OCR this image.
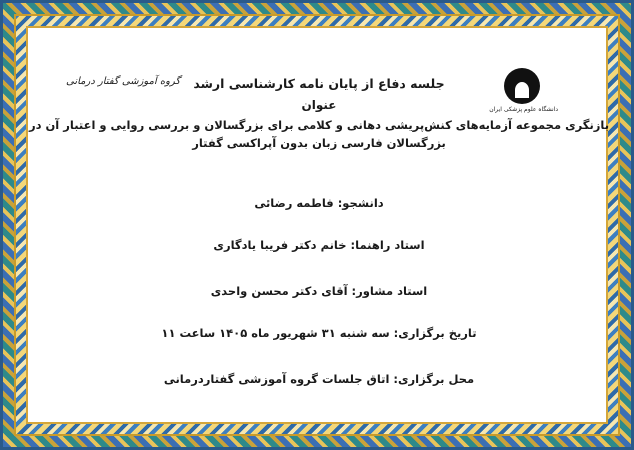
دانشگاه علوم پزشکی ایران
گروه آموزشی گفتار درمانی	جلسه دفاع از پایان نامه کارشناسی ارشد
عنوان
بازنگری مجموعه آزمایه‌های کنش‌پریشی دهانی و کلامی برای بزرگسالان و بررسی روایی و اعتبار آن در
بزرگسالان فارسی زبان بدون آپراکسی گفتار
دانشجو: فاطمه رضائی
استاد راهنما: خانم دکتر فریبا یادگاری
استاد مشاور: آقای دکتر محسن واحدی
تاریخ برگزاری: سه شنبه ۳۱ شهریور ماه ۱۴۰۵ ساعت ۱۱
محل برگزاری: اتاق جلسات گروه آموزشی گفتاردرمانی
